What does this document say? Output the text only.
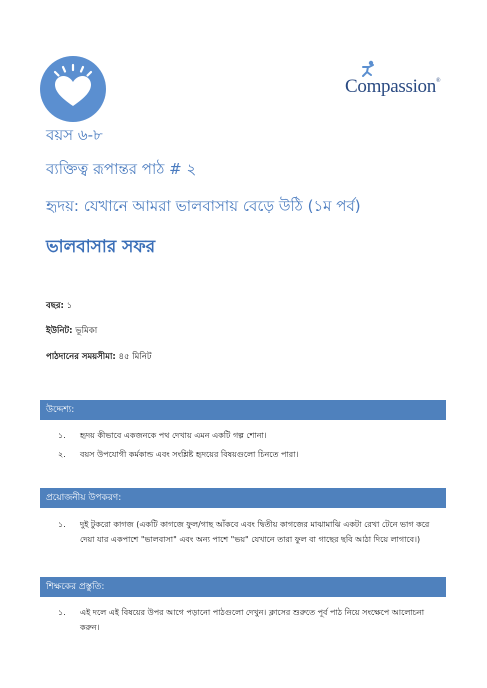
Compassion®
বয়স ৬-৮
ব্যক্তিত্ব রূপান্তর পাঠ # ২
হৃদয়: যেখানে আমরা ভালবাসায় বেড়ে উঠি (১ম পর্ব)
ভালবাসার সফর
বছর: ১
ইউনিট: ভূমিকা
পাঠদানের সময়সীমা: ৪৫ মিনিট
উদ্দেশ্য:
১. হৃদয় কীভাবে একজনকে পথ দেখায় এমন একটি গল্প শোনা।
২. বয়স উপযোগী কর্মকান্ড এবং সংশ্লিষ্ট হৃদয়ের বিষয়গুলো চিনতে পারা।
প্রয়োজনীয় উপকরণ:
১. দুই টুকরো কাগজ (একটি কাগজে ফুল/গাছ আঁকবে এবং দ্বিতীয় কাগজের মাঝামাঝি একটা রেখা টেনে ভাগ করে দেয়া যার একপাশে "ভালবাসা" এবং অন্য পাশে "ভয়" যেখানে তারা ফুল বা গাছের ছবি আঠা দিয়ে লাগাবে।)
শিক্ষকের প্রস্তুতি:
১. এই দলে এই বিষয়ের উপর আগে পড়ানো পাঠগুলো দেখুন। ক্লাসের শুরুতে পূর্ব পাঠ নিয়ে সংক্ষেপে আলোচনা করুন।
